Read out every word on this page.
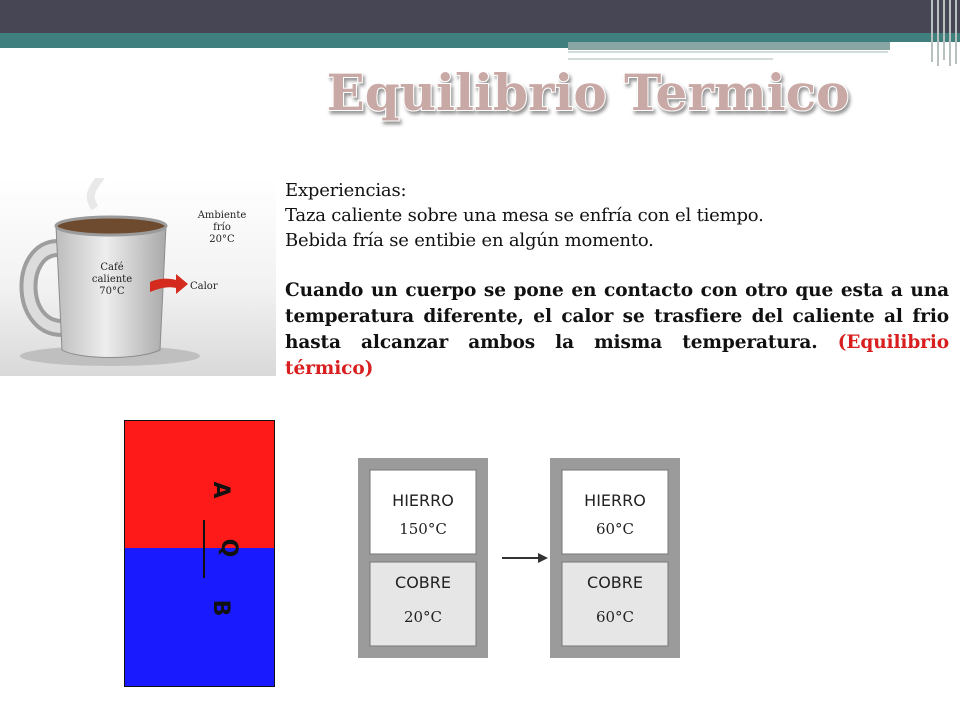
Equilibrio Termico
Café
caliente
70°C	Calor
Ambiente
frío
20°C
Experiencias:
Taza caliente sobre una mesa se enfría con el tiempo.
Bebida fría se entibie en algún momento.
Cuando un cuerpo se pone en contacto con otro que esta a una temperatura diferente, el calor se trasfiere del caliente al frio hasta alcanzar ambos la misma temperatura. (Equilibrio térmico)
A
Q
B
HIERRO
150°C
COBRE
20°C
HIERRO
60°C
COBRE
60°C
